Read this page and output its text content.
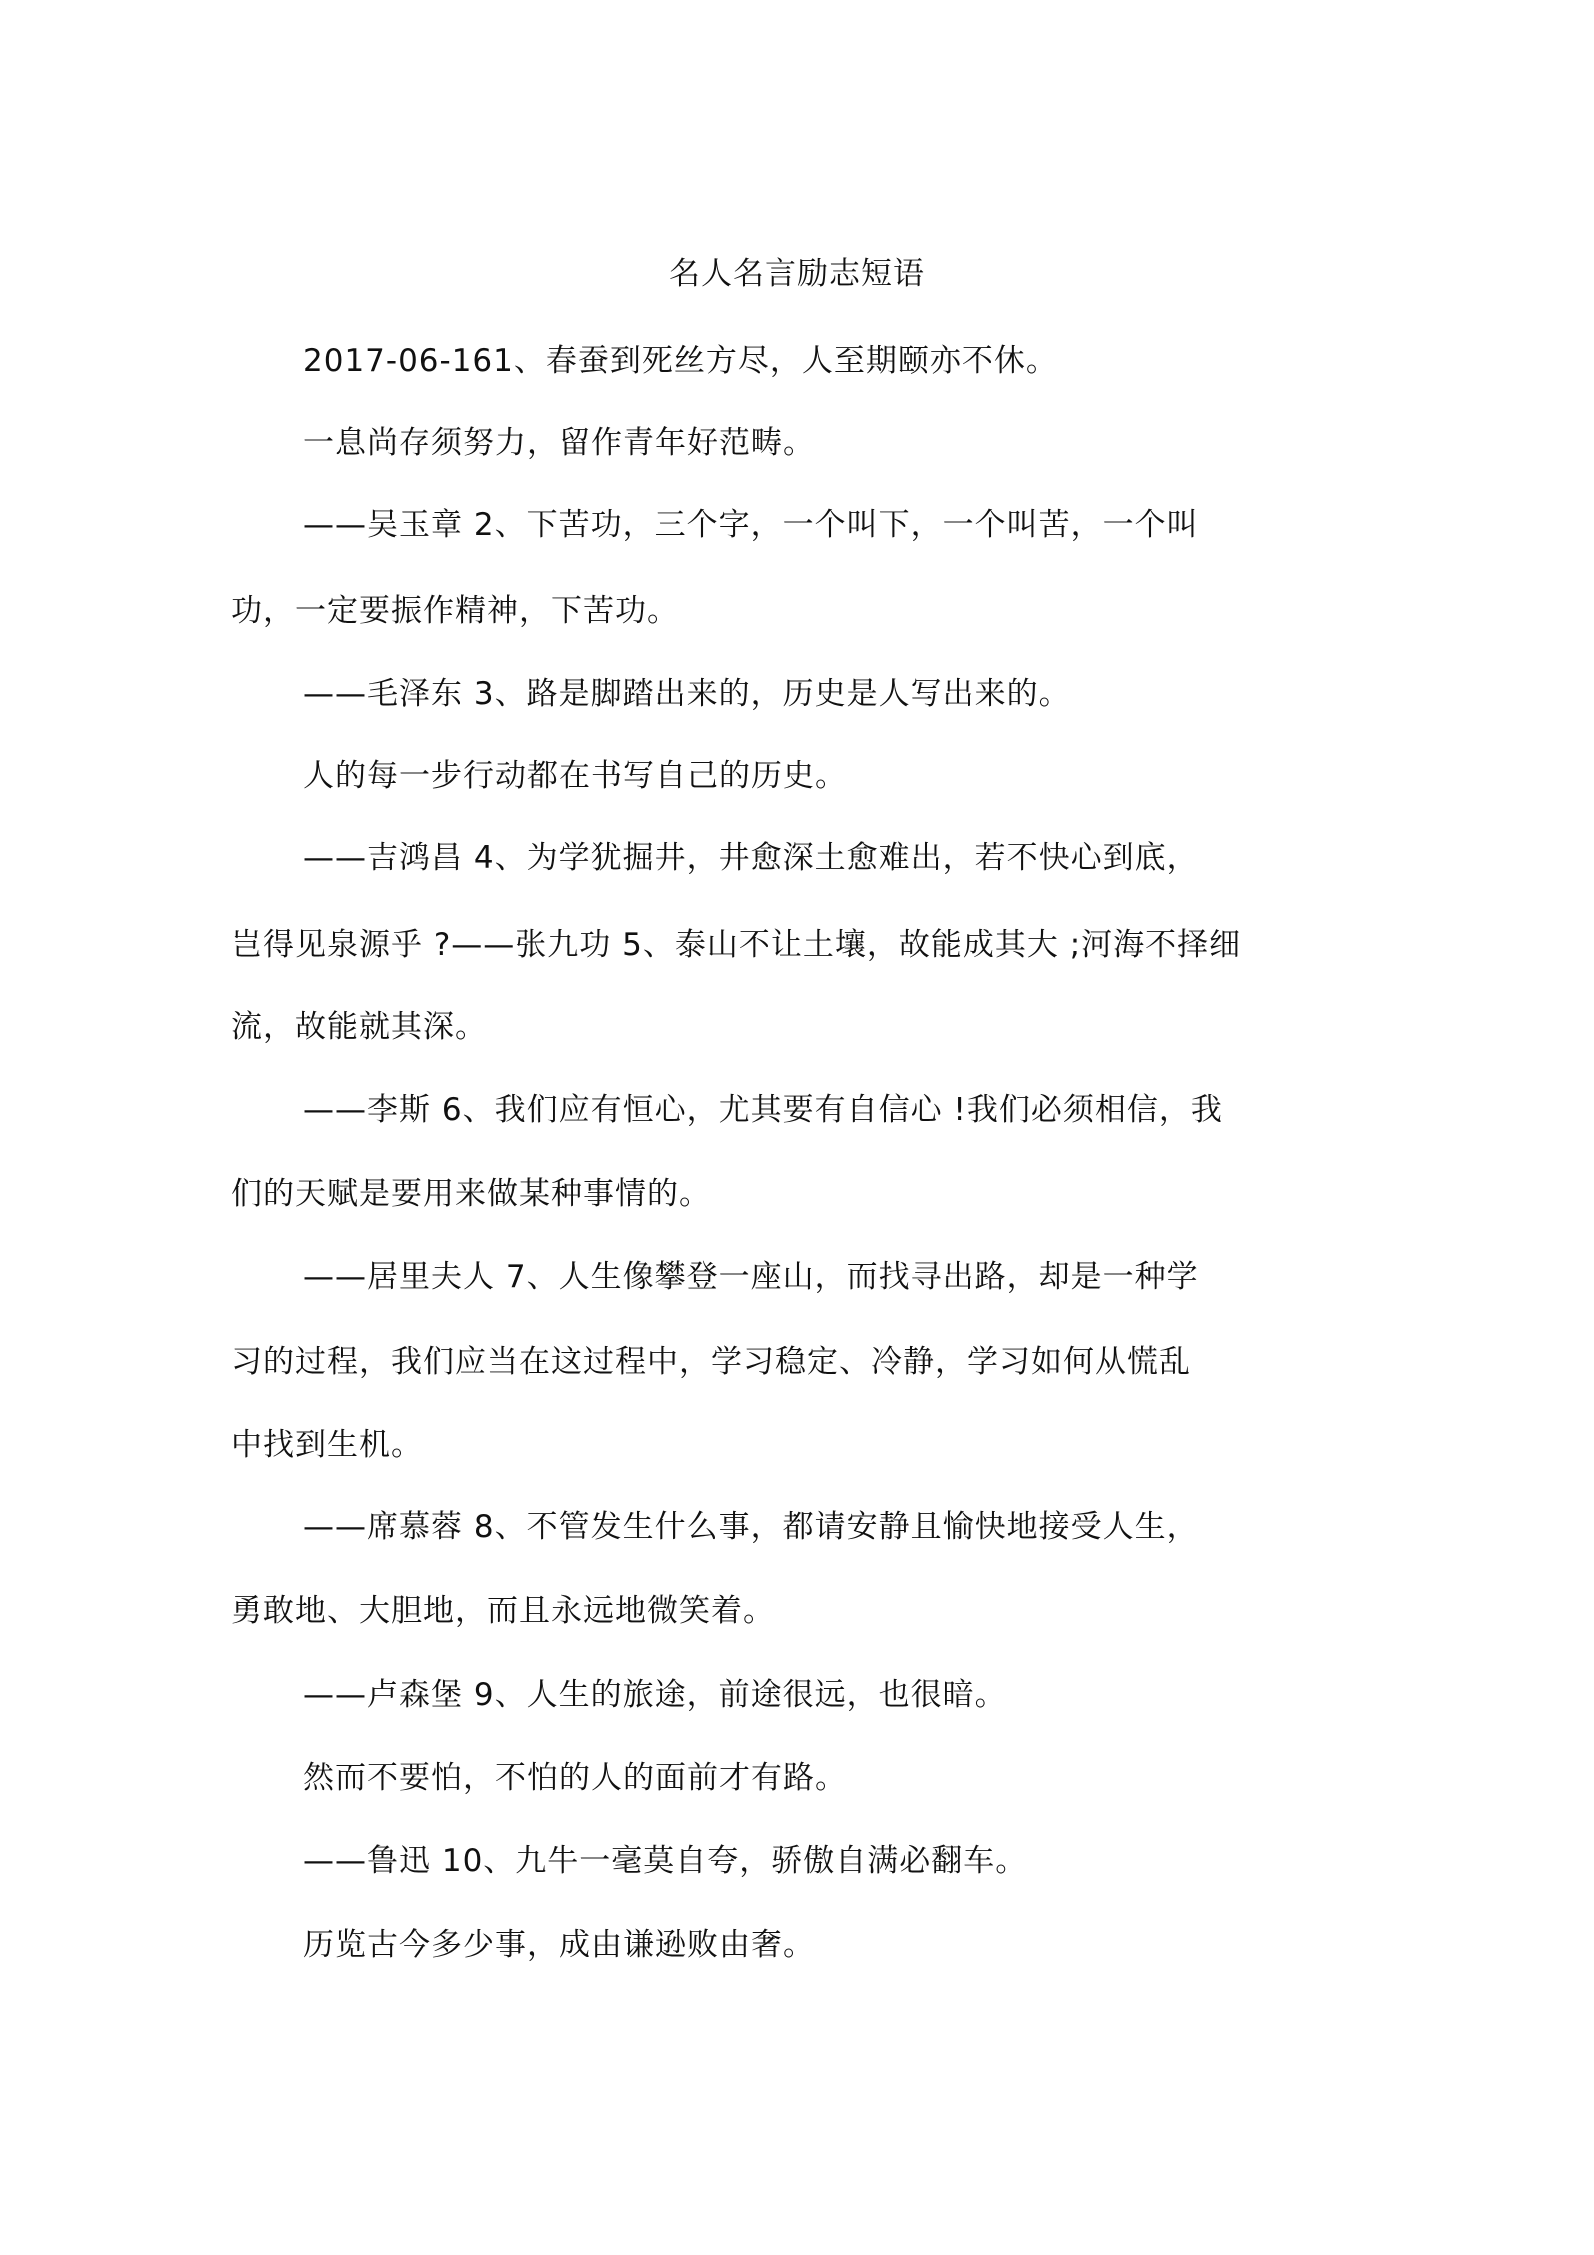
名人名言励志短语
2017-06-161、春蚕到死丝方尽，人至期颐亦不休。
一息尚存须努力，留作青年好范畴。
——吴玉章 2、下苦功，三个字，一个叫下，一个叫苦，一个叫
功，一定要振作精神，下苦功。
——毛泽东 3、路是脚踏出来的，历史是人写出来的。
人的每一步行动都在书写自己的历史。
——吉鸿昌 4、为学犹掘井，井愈深土愈难出，若不快心到底，
岂得见泉源乎 ?——张九功 5、泰山不让土壤，故能成其大 ;河海不择细
流，故能就其深。
——李斯 6、我们应有恒心，尤其要有自信心 !我们必须相信，我
们的天赋是要用来做某种事情的。
——居里夫人 7、人生像攀登一座山，而找寻出路，却是一种学
习的过程，我们应当在这过程中，学习稳定、冷静，学习如何从慌乱
中找到生机。
——席慕蓉 8、不管发生什么事，都请安静且愉快地接受人生，
勇敢地、大胆地，而且永远地微笑着。
——卢森堡 9、人生的旅途，前途很远，也很暗。
然而不要怕，不怕的人的面前才有路。
——鲁迅 10、九牛一毫莫自夸，骄傲自满必翻车。
历览古今多少事，成由谦逊败由奢。
